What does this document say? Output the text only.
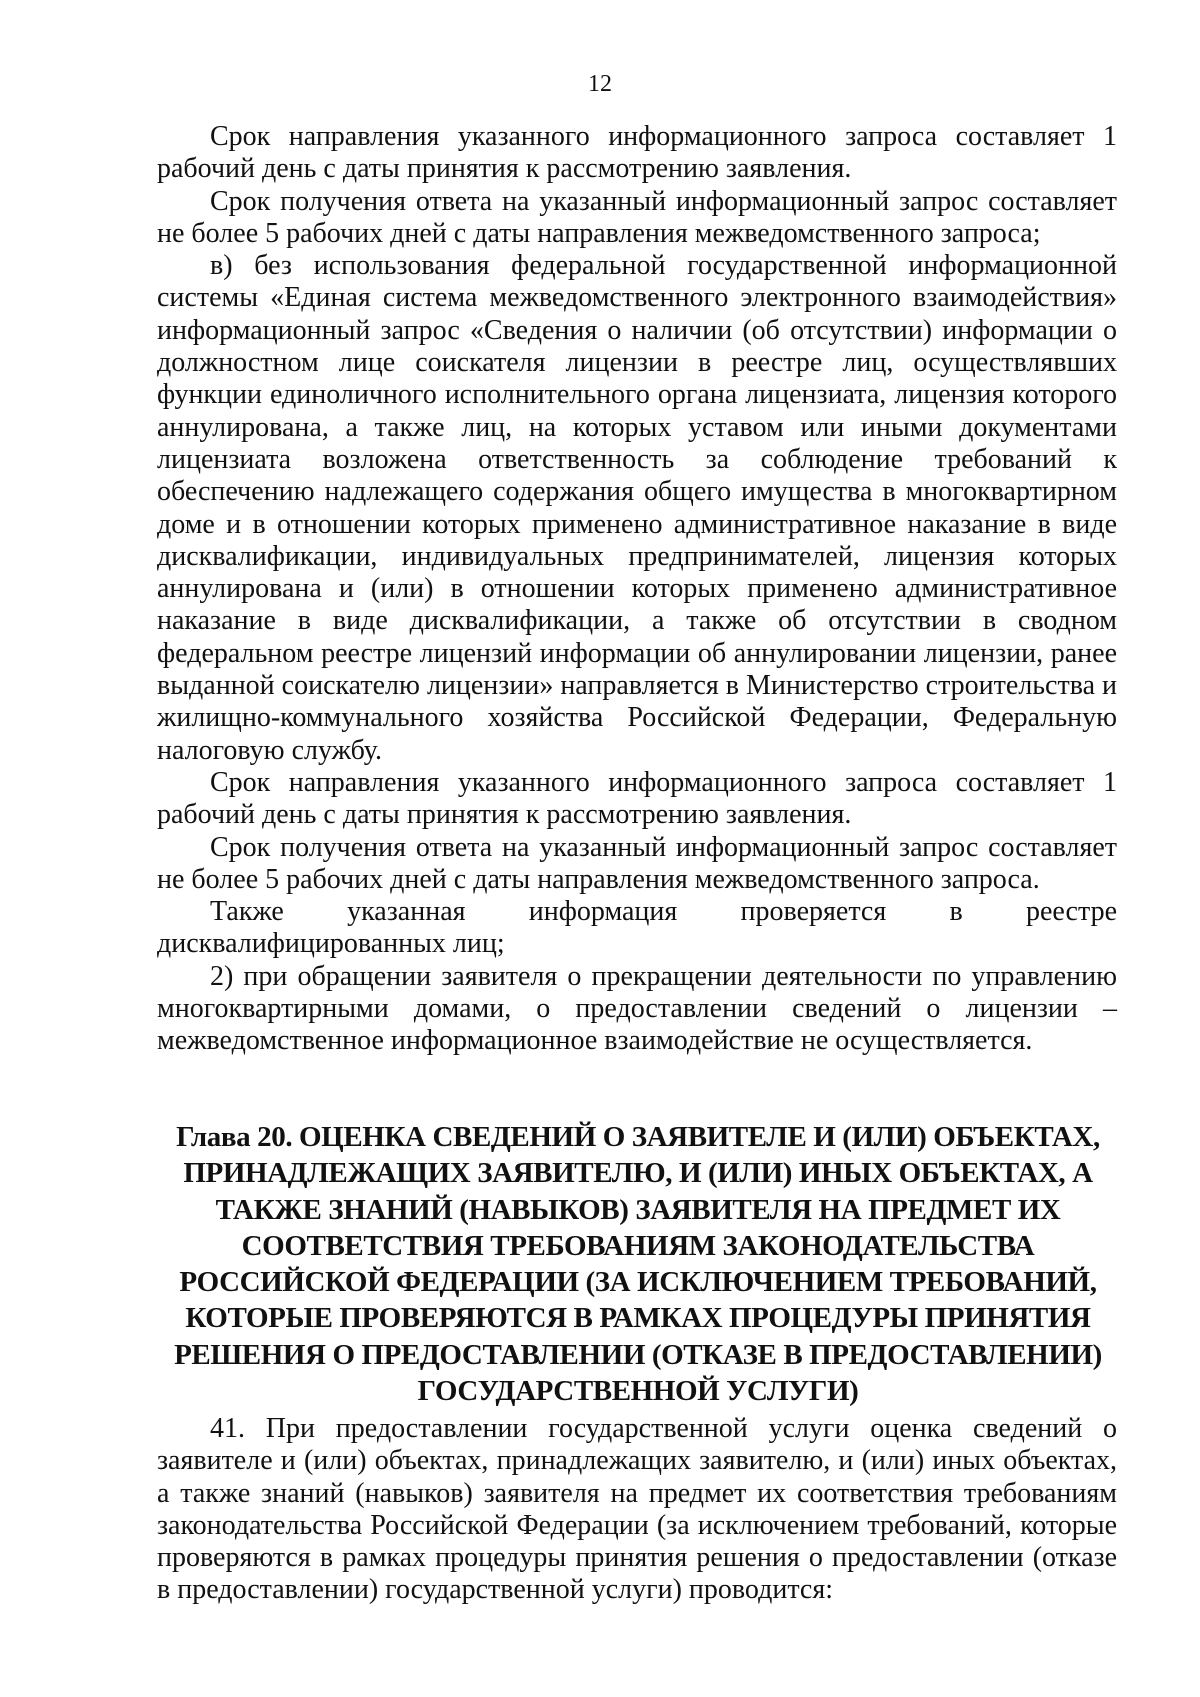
12

Срок направления указанного информационного запроса составляет 1 рабочий день с даты принятия к рассмотрению заявления.

Срок получения ответа на указанный информационный запрос составляет не более 5 рабочих дней с даты направления межведомственного запроса;

в) без использования федеральной государственной информационной системы «Единая система межведомственного электронного взаимодействия» информационный запрос «Сведения о наличии (об отсутствии) информации о должностном лице соискателя лицензии в реестре лиц, осуществлявших функции единоличного исполнительного органа лицензиата, лицензия которого аннулирована, а также лиц, на которых уставом или иными документами лицензиата возложена ответственность за соблюдение требований к обеспечению надлежащего содержания общего имущества в многоквартирном доме и в отношении которых применено административное наказание в виде дисквалификации, индивидуальных предпринимателей, лицензия которых аннулирована и (или) в отношении которых применено административное наказание в виде дисквалификации, а также об отсутствии в сводном федеральном реестре лицензий информации об аннулировании лицензии, ранее выданной соискателю лицензии» направляется в Министерство строительства и жилищно-коммунального хозяйства Российской Федерации, Федеральную налоговую службу.

Срок направления указанного информационного запроса составляет 1 рабочий день с даты принятия к рассмотрению заявления.

Срок получения ответа на указанный информационный запрос составляет не более 5 рабочих дней с даты направления межведомственного запроса.

Также указанная информация проверяется в реестре дисквалифицированных лиц;

2) при обращении заявителя о прекращении деятельности по управлению многоквартирными домами, о предоставлении сведений о лицензии – межведомственное информационное взаимодействие не осуществляется.

Глава 20. ОЦЕНКА СВЕДЕНИЙ О ЗАЯВИТЕЛЕ И (ИЛИ) ОБЪЕКТАХ, ПРИНАДЛЕЖАЩИХ ЗАЯВИТЕЛЮ, И (ИЛИ) ИНЫХ ОБЪЕКТАХ, А ТАКЖЕ ЗНАНИЙ (НАВЫКОВ) ЗАЯВИТЕЛЯ НА ПРЕДМЕТ ИХ СООТВЕТСТВИЯ ТРЕБОВАНИЯМ ЗАКОНОДАТЕЛЬСТВА РОССИЙСКОЙ ФЕДЕРАЦИИ (ЗА ИСКЛЮЧЕНИЕМ ТРЕБОВАНИЙ, КОТОРЫЕ ПРОВЕРЯЮТСЯ В РАМКАХ ПРОЦЕДУРЫ ПРИНЯТИЯ РЕШЕНИЯ О ПРЕДОСТАВЛЕНИИ (ОТКАЗЕ В ПРЕДОСТАВЛЕНИИ) ГОСУДАРСТВЕННОЙ УСЛУГИ)

41. При предоставлении государственной услуги оценка сведений о заявителе и (или) объектах, принадлежащих заявителю, и (или) иных объектах, а также знаний (навыков) заявителя на предмет их соответствия требованиям законодательства Российской Федерации (за исключением требований, которые проверяются в рамках процедуры принятия решения о предоставлении (отказе в предоставлении) государственной услуги) проводится:
